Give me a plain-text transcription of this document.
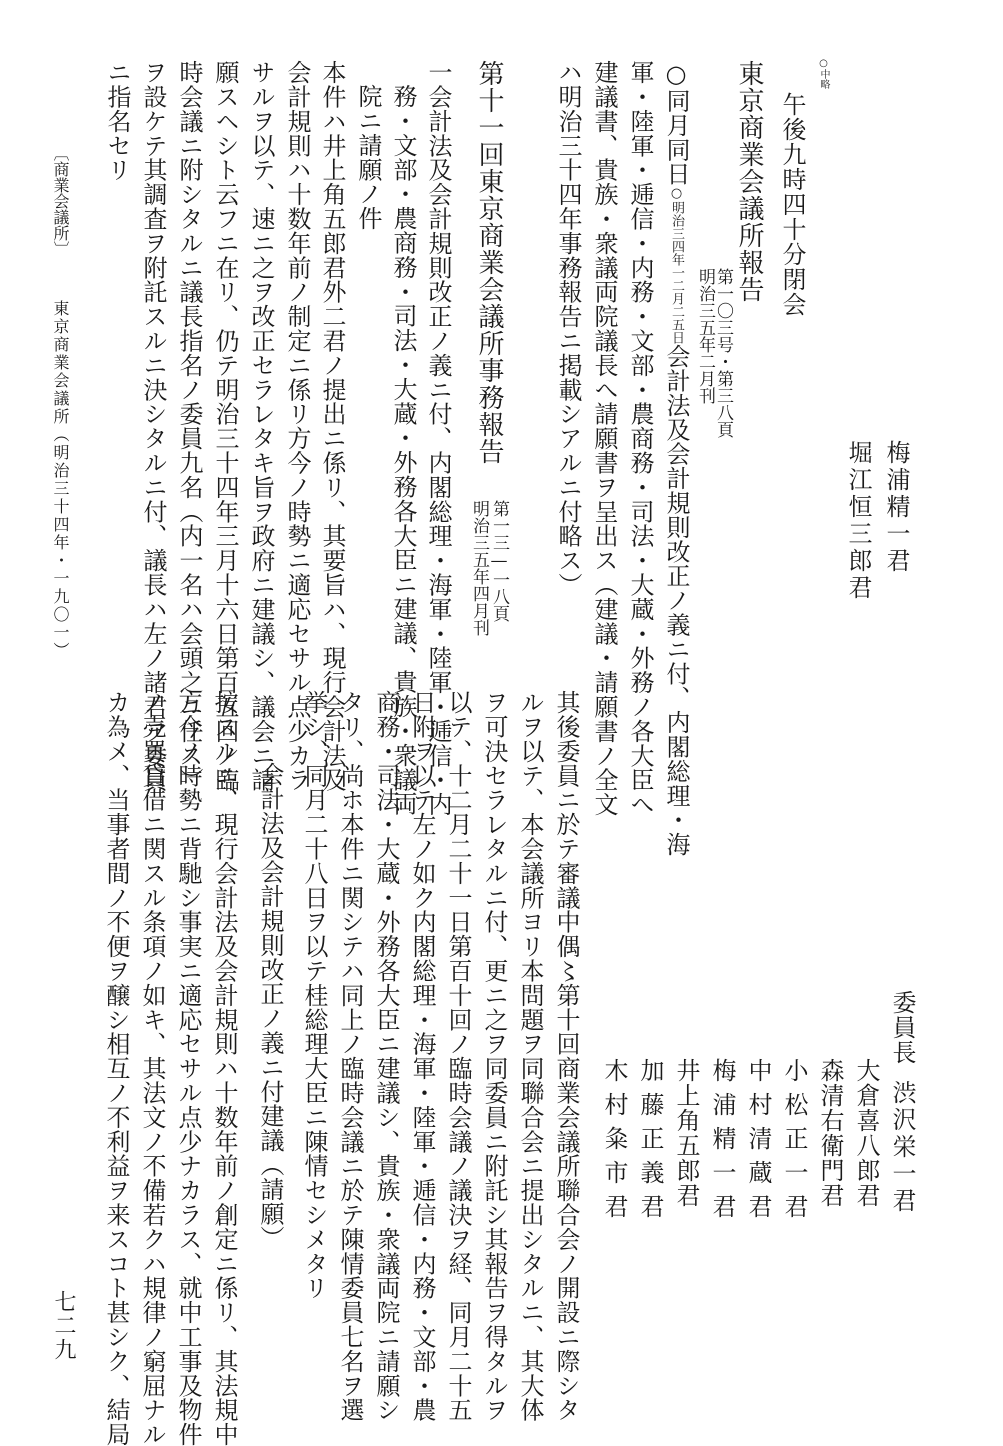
○中略
午後九時四十分閉会
梅浦精一君
堀江恒三郎君
東京商業会議所報告
第一〇三号・第三八頁
明治三五年二月刊
○同月同日○明治三四年一二月二五日会計法及会計規則改正ノ義ニ付、内閣総理・海
軍・陸軍・逓信・内務・文部・農商務・司法・大蔵・外務ノ各大臣へ
建議書、貴族・衆議両院議長へ請願書ヲ呈出ス（建議・請願書ノ全文
ハ明治三十四年事務報告ニ掲載シアルニ付略ス）
第十一回東京商業会議所事務報告
第一三—一八頁
明治三五年四月刊
一会計法及会計規則改正ノ義ニ付、内閣総理・海軍・陸軍・逓信・内
務・文部・農商務・司法・大蔵・外務各大臣ニ建議、貴族・衆議両
院ニ請願ノ件
本件ハ井上角五郎君外二君ノ提出ニ係リ、其要旨ハ、現行会計法及
会計規則ハ十数年前ノ制定ニ係リ方今ノ時勢ニ適応セサル点少カラ
サルヲ以テ、速ニ之ヲ改正セラレタキ旨ヲ政府ニ建議シ、議会ニ請
願スヘシト云フニ在リ、仍テ明治三十四年三月十六日第百五回ノ臨
時会議ニ附シタルニ議長指名ノ委員九名（内一名ハ会頭之ニ任ス）
ヲ設ケテ其調査ヲ附託スルニ決シタルニ付、議長ハ左ノ諸君ヲ委員
ニ指名セリ
〔商業会議所〕
東京商業会議所（明治三十四年・一九〇一）
委員長
渋沢栄一君
大倉喜八郎君
森清右衛門君
小松正一君
中村清蔵君
梅浦精一君
井上角五郎君
加藤正義君
木村粂市君
其後委員ニ於テ審議中偶〻第十回商業会議所聯合会ノ開設ニ際シタ
ルヲ以テ、本会議所ヨリ本問題ヲ同聯合会ニ提出シタルニ、其大体
ヲ可決セラレタルニ付、更ニ之ヲ同委員ニ附託シ其報告ヲ得タルヲ
以テ、十二月二十一日第百十回ノ臨時会議ノ議決ヲ経、同月二十五
日附ヲ以テ左ノ如ク内閣総理・海軍・陸軍・逓信・内務・文部・農
商務・司法・大蔵・外務各大臣ニ建議シ、貴族・衆議両院ニ請願シ
タリ、尚ホ本件ニ関シテハ同上ノ臨時会議ニ於テ陳情委員七名ヲ選
挙シ、同月二十八日ヲ以テ桂総理大臣ニ陳情セシメタリ
会計法及会計規則改正ノ義ニ付建議（請願）
按スルニ、現行会計法及会計規則ハ十数年前ノ創定ニ係リ、其法規中
方今ノ時勢ニ背馳シ事実ニ適応セサル点少ナカラス、就中工事及物件
ノ売買貸借ニ関スル条項ノ如キ、其法文ノ不備若クハ規律ノ窮屈ナル
カ為メ、当事者間ノ不便ヲ醸シ相互ノ不利益ヲ来スコト甚シク、結局
七二九
